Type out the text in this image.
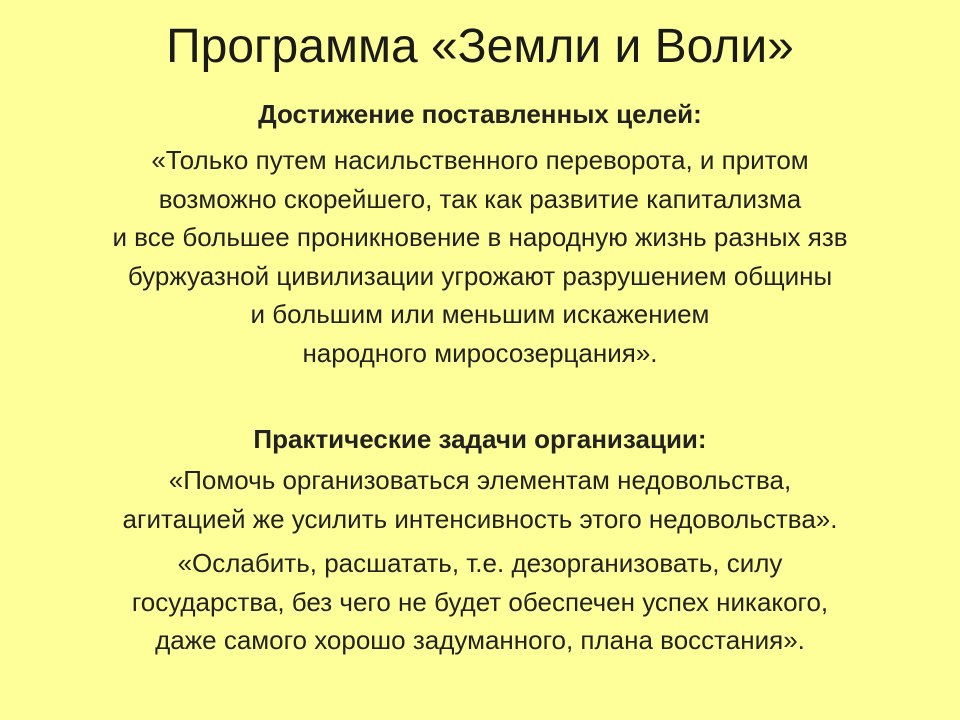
Программа «Земли и Воли»

Достижение поставленных целей:

«Только путем насильственного переворота, и притом
возможно скорейшего, так как развитие капитализма
и все большее проникновение в народную жизнь разных язв
буржуазной цивилизации угрожают разрушением общины
и большим или меньшим искажением
народного миросозерцания».

Практические задачи организации:

«Помочь организоваться элементам недовольства,
агитацией же усилить интенсивность этого недовольства».

«Ослабить, расшатать, т.е. дезорганизовать, силу
государства, без чего не будет обеспечен успех никакого,
даже самого хорошо задуманного, плана восстания».
